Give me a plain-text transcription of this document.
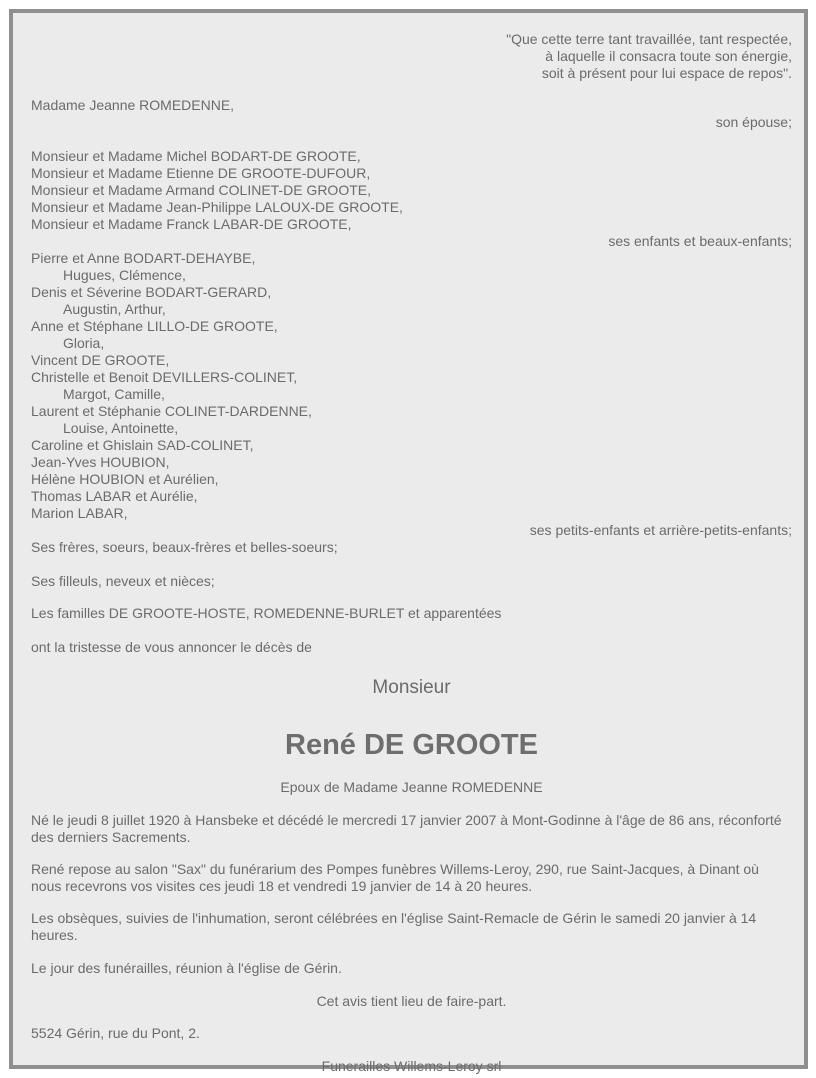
"Que cette terre tant travaillée, tant respectée,
à laquelle il consacra toute son énergie,
soit à présent pour lui espace de repos".
Madame Jeanne ROMEDENNE,
son épouse;
Monsieur et Madame Michel BODART-DE GROOTE,
Monsieur et Madame Etienne DE GROOTE-DUFOUR,
Monsieur et Madame Armand COLINET-DE GROOTE,
Monsieur et Madame Jean-Philippe LALOUX-DE GROOTE,
Monsieur et Madame Franck LABAR-DE GROOTE,
ses enfants et beaux-enfants;
Pierre et Anne BODART-DEHAYBE,
Hugues, Clémence,
Denis et Séverine BODART-GERARD,
Augustin, Arthur,
Anne et Stéphane LILLO-DE GROOTE,
Gloria,
Vincent DE GROOTE,
Christelle et Benoit DEVILLERS-COLINET,
Margot, Camille,
Laurent et Stéphanie COLINET-DARDENNE,
Louise, Antoinette,
Caroline et Ghislain SAD-COLINET,
Jean-Yves HOUBION,
Hélène HOUBION et Aurélien,
Thomas LABAR et Aurélie,
Marion LABAR,
ses petits-enfants et arrière-petits-enfants;
Ses frères, soeurs, beaux-frères et belles-soeurs;
Ses filleuls, neveux et nièces;
Les familles DE GROOTE-HOSTE, ROMEDENNE-BURLET et apparentées
ont la tristesse de vous annoncer le décès de
Monsieur
René DE GROOTE
Epoux de Madame Jeanne ROMEDENNE

Né le jeudi 8 juillet 1920 à Hansbeke et décédé le mercredi 17 janvier 2007 à Mont-Godinne à l'âge de 86 ans, réconforté des derniers Sacrements.

René repose au salon "Sax" du funérarium des Pompes funèbres Willems-Leroy, 290, rue Saint-Jacques, à Dinant où nous recevrons vos visites ces jeudi 18 et vendredi 19 janvier de 14 à 20 heures.

Les obsèques, suivies de l'inhumation, seront célébrées en l'église Saint-Remacle de Gérin le samedi 20 janvier à 14 heures.

Le jour des funérailles, réunion à l'église de Gérin.

Cet avis tient lieu de faire-part.

5524 Gérin, rue du Pont, 2.

Funerailles Willems-Leroy srl
